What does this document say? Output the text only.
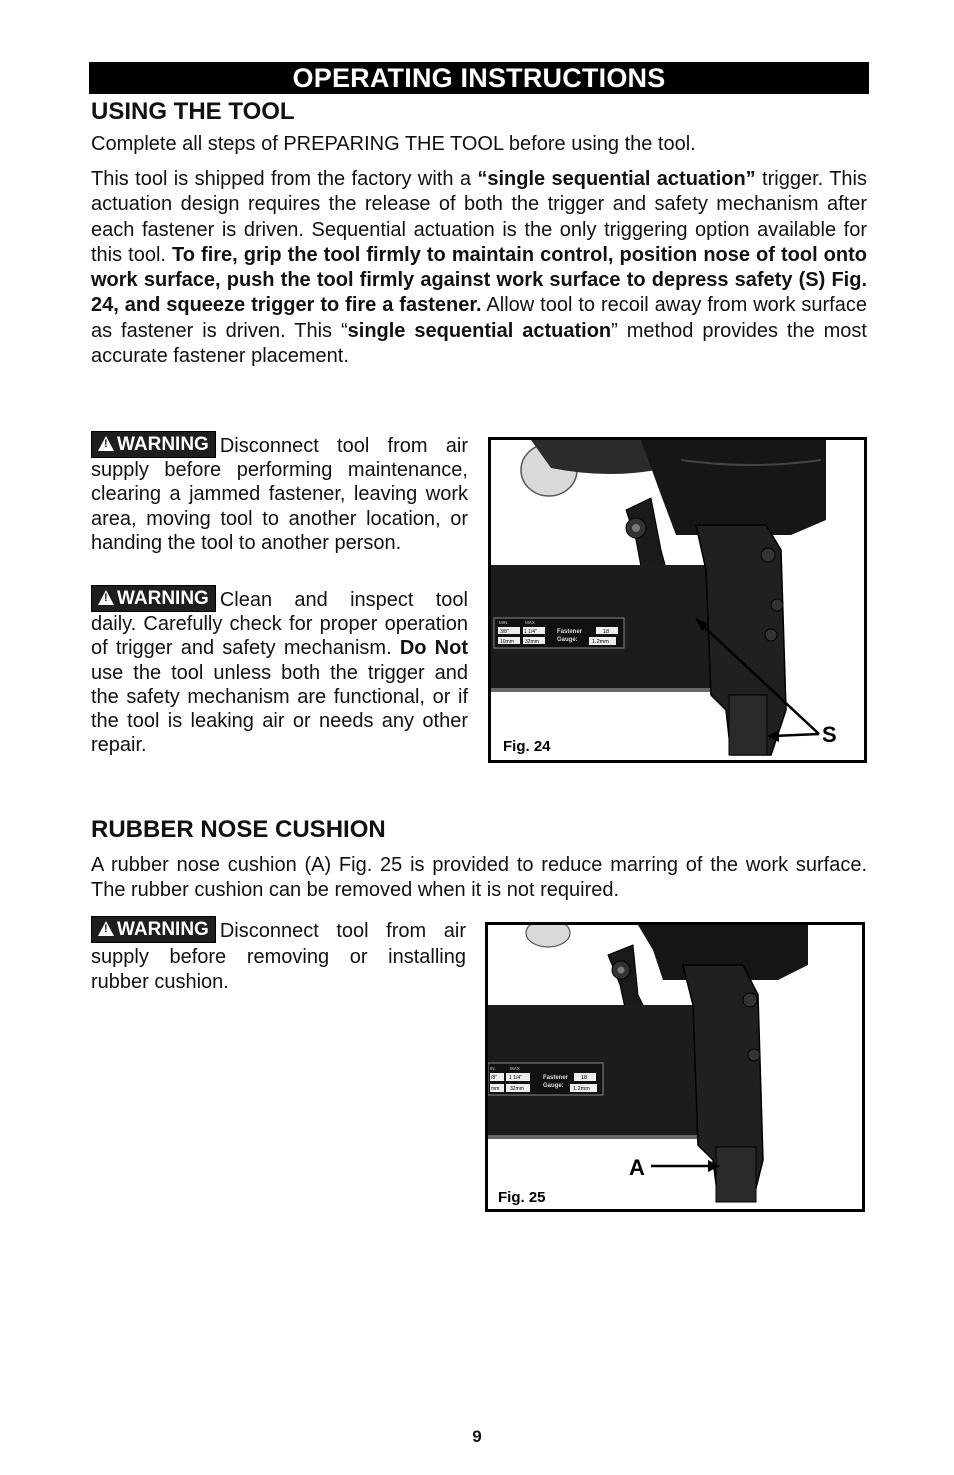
OPERATING INSTRUCTIONS
USING THE TOOL
Complete all steps of PREPARING THE TOOL before using the tool.
This tool is shipped from the factory with a “single sequential actuation” trigger. This actuation design requires the release of both the trigger and safety mechanism after each fastener is driven. Sequential actuation is the only triggering option available for this tool. To fire, grip the tool firmly to maintain control, position nose of tool onto work surface, push the tool firmly against work surface to depress safety (S) Fig. 24, and squeeze trigger to fire a fastener. Allow tool to recoil away from work surface as fastener is driven. This “single sequential actuation” method provides the most accurate fastener placement.
!WARNING Disconnect tool from air supply before performing maintenance, clearing a jammed fastener, leaving work area, moving tool to another location, or handing the tool to another person.
!WARNING Clean and inspect tool daily. Carefully check for proper operation of trigger and safety mechanism. Do Not use the tool unless both the trigger and the safety mechanism are functional, or if the tool is leaking air or needs any other repair.
MIN.	MAX
3/8"	1 1/4"
10mm 32mm
Fastener
Gauge:
18
1.2mm
S
Fig. 24
RUBBER NOSE CUSHION
A rubber nose cushion (A) Fig. 25 is provided to reduce marring of the work surface. The rubber cushion can be removed when it is not required.
!WARNING Disconnect tool from air supply before removing or installing rubber cushion.
IN.	MAX
/8" 1 1/4"
mm 32mm
Fastener
Gauge:
18
1.2mm
A
Fig. 25
9
